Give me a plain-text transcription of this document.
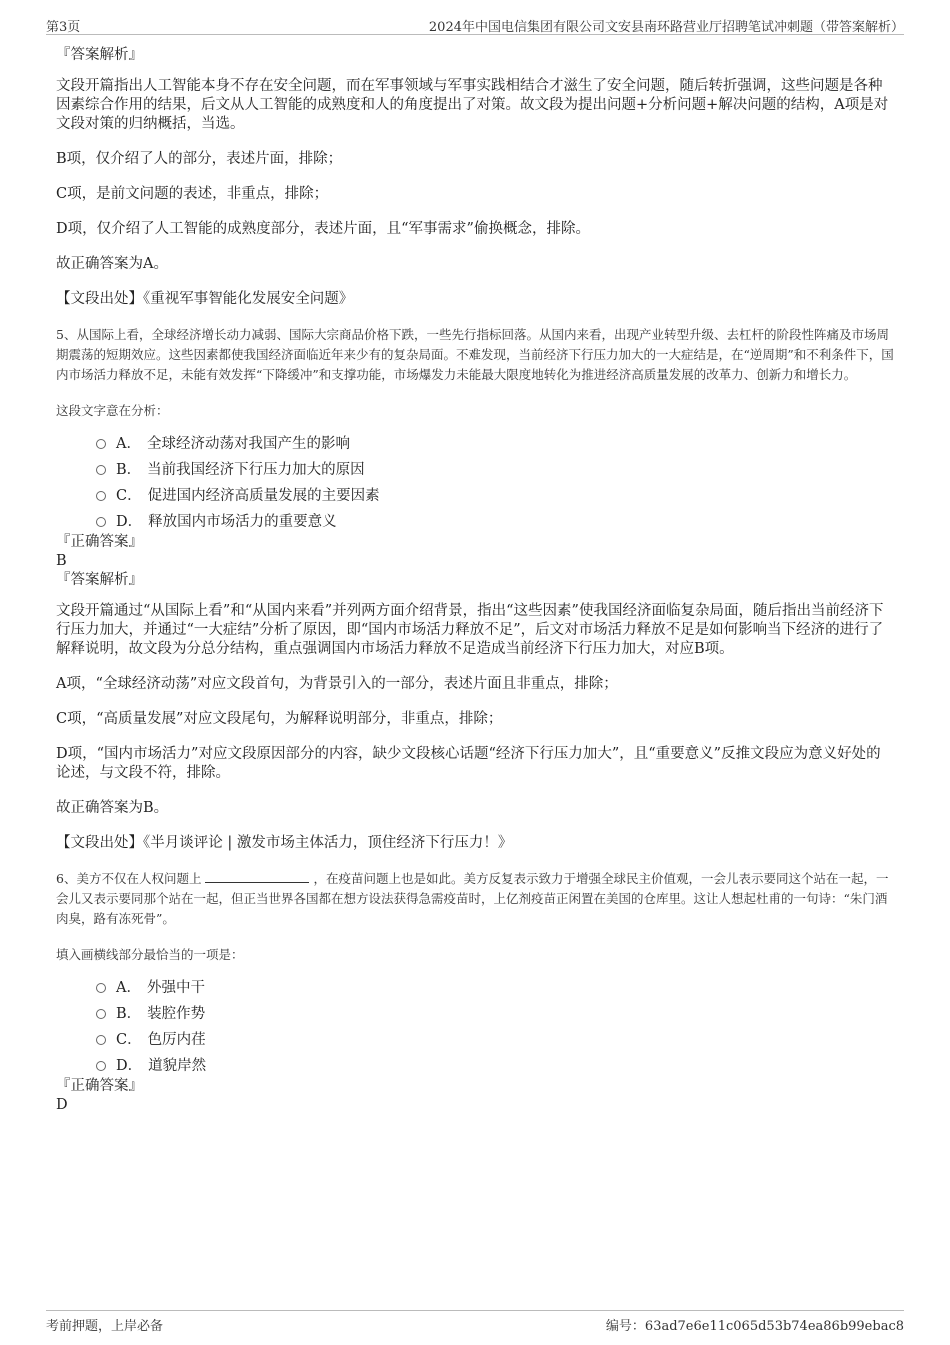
第3页	2024年中国电信集团有限公司文安县南环路营业厅招聘笔试冲刺题（带答案解析）

『答案解析』

文段开篇指出人工智能本身不存在安全问题，而在军事领域与军事实践相结合才滋生了安全问题，随后转折强调，这些问题是各种因素综合作用的结果，后文从人工智能的成熟度和人的角度提出了对策。故文段为提出问题+分析问题+解决问题的结构，A项是对文段对策的归纳概括，当选。

B项，仅介绍了人的部分，表述片面，排除；

C项，是前文问题的表述，非重点，排除；

D项，仅介绍了人工智能的成熟度部分，表述片面，且“军事需求”偷换概念，排除。

故正确答案为A。

【文段出处】《重视军事智能化发展安全问题》

5、从国际上看，全球经济增长动力减弱、国际大宗商品价格下跌，一些先行指标回落。从国内来看，出现产业转型升级、去杠杆的阶段性阵痛及市场周期震荡的短期效应。这些因素都使我国经济面临近年来少有的复杂局面。不难发现，当前经济下行压力加大的一大症结是，在“逆周期”和不利条件下，国内市场活力释放不足，未能有效发挥“下降缓冲”和支撑功能，市场爆发力未能最大限度地转化为推进经济高质量发展的改革力、创新力和增长力。

这段文字意在分析：

A． 全球经济动荡对我国产生的影响
B． 当前我国经济下行压力加大的原因
C． 促进国内经济高质量发展的主要因素
D． 释放国内市场活力的重要意义

『正确答案』

B

『答案解析』

文段开篇通过“从国际上看”和“从国内来看”并列两方面介绍背景，指出“这些因素”使我国经济面临复杂局面，随后指出当前经济下行压力加大，并通过“一大症结”分析了原因，即“国内市场活力释放不足”，后文对市场活力释放不足是如何影响当下经济的进行了解释说明，故文段为分总分结构，重点强调国内市场活力释放不足造成当前经济下行压力加大，对应B项。

A项，“全球经济动荡”对应文段首句，为背景引入的一部分，表述片面且非重点，排除；

C项，“高质量发展”对应文段尾句，为解释说明部分，非重点，排除；

D项，“国内市场活力”对应文段原因部分的内容，缺少文段核心话题“经济下行压力加大”，且“重要意义”反推文段应为意义好处的论述，与文段不符，排除。

故正确答案为B。

【文段出处】《半月谈评论 | 激发市场主体活力，顶住经济下行压力！》

6、美方不仅在人权问题上	，在疫苗问题上也是如此。美方反复表示致力于增强全球民主价值观，一会儿表示要同这个站在一起，一会儿又表示要同那个站在一起，但正当世界各国都在想方设法获得急需疫苗时，上亿剂疫苗正闲置在美国的仓库里。这让人想起杜甫的一句诗：“朱门酒肉臭，路有冻死骨”。

填入画横线部分最恰当的一项是：

A． 外强中干
B． 装腔作势
C． 色厉内荏
D． 道貌岸然

『正确答案』

D

考前押题，上岸必备	编号：63ad7e6e11c065d53b74ea86b99ebac8
